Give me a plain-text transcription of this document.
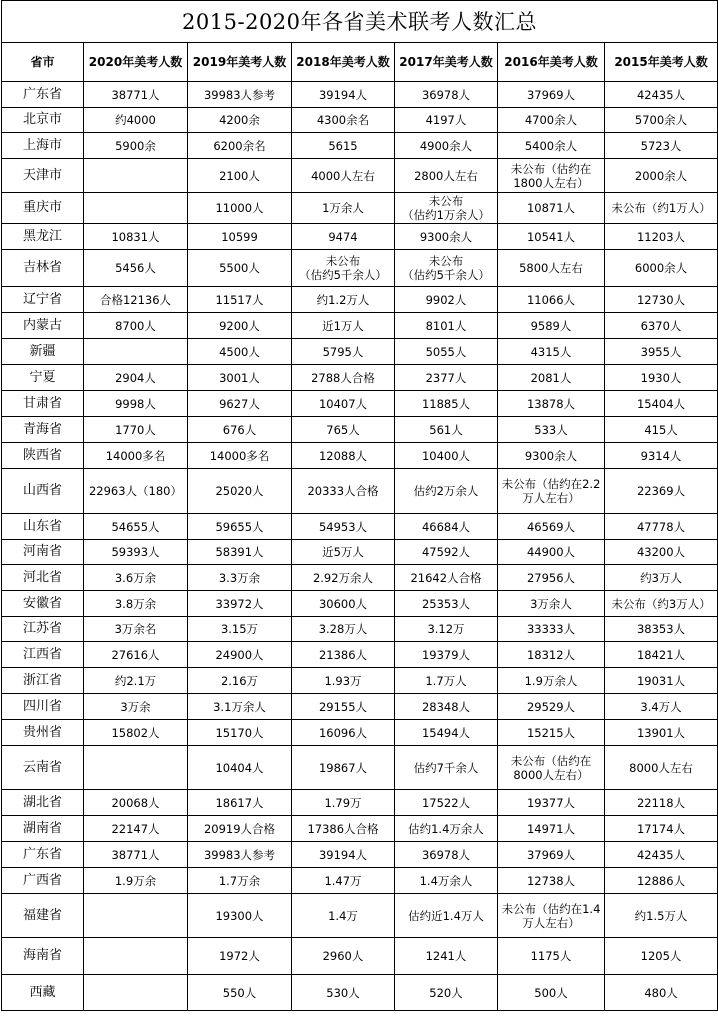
2015-2020年各省美术联考人数汇总						
省市	2020年美考人数	2019年美考人数	2018年美考人数	2017年美考人数	2016年美考人数	2015年美考人数
广东省	38771人	39983人参考	39194人	36978人	37969人	42435人
北京市	约4000	4200余	4300余名	4197人	4700余人	5700余人
上海市	5900余	6200余名	5615	4900余人	5400余人	5723人
天津市		2100人	4000人左右	2800人左右	未公布（估约在
1800人左右）	2000余人
重庆市		11000人	1万余人	未公布
（估约1万余人）	10871人	未公布（约1万人）
黑龙江	10831人	10599	9474	9300余人	10541人	11203人
吉林省	5456人	5500人	未公布
（估约5千余人）	未公布
（估约5千余人）	5800人左右	6000余人
辽宁省	合格12136人	11517人	约1.2万人	9902人	11066人	12730人
内蒙古	8700人	9200人	近1万人	8101人	9589人	6370人
新疆		4500人	5795人	5055人	4315人	3955人
宁夏	2904人	3001人	2788人合格	2377人	2081人	1930人
甘肃省	9998人	9627人	10407人	11885人	13878人	15404人
青海省	1770人	676人	765人	561人	533人	415人
陕西省	14000多名	14000多名	12088人	10400人	9300余人	9314人
山西省	22963人（180）	25020人	20333人合格	估约2万余人	未公布（估约在2.2
万人左右）	22369人
山东省	54655人	59655人	54953人	46684人	46569人	47778人
河南省	59393人	58391人	近5万人	47592人	44900人	43200人
河北省	3.6万余	3.3万余	2.92万余人	21642人合格	27956人	约3万人
安徽省	3.8万余	33972人	30600人	25353人	3万余人	未公布（约3万人）
江苏省	3万余名	3.15万	3.28万人	3.12万	33333人	38353人
江西省	27616人	24900人	21386人	19379人	18312人	18421人
浙江省	约2.1万	2.16万	1.93万	1.7万人	1.9万余人	19031人
四川省	3万余	3.1万余人	29155人	28348人	29529人	3.4万人
贵州省	15802人	15170人	16096人	15494人	15215人	13901人
云南省		10404人	19867人	估约7千余人	未公布（估约在
8000人左右）	8000人左右
湖北省	20068人	18617人	1.79万	17522人	19377人	22118人
湖南省	22147人	20919人合格	17386人合格	估约1.4万余人	14971人	17174人
广东省	38771人	39983人参考	39194人	36978人	37969人	42435人
广西省	1.9万余	1.7万余	1.47万	1.4万余人	12738人	12886人
福建省		19300人	1.4万	估约近1.4万人	未公布（估约在1.4
万人左右）	约1.5万人
海南省		1972人	2960人	1241人	1175人	1205人
西藏		550人	530人	520人	500人	480人
